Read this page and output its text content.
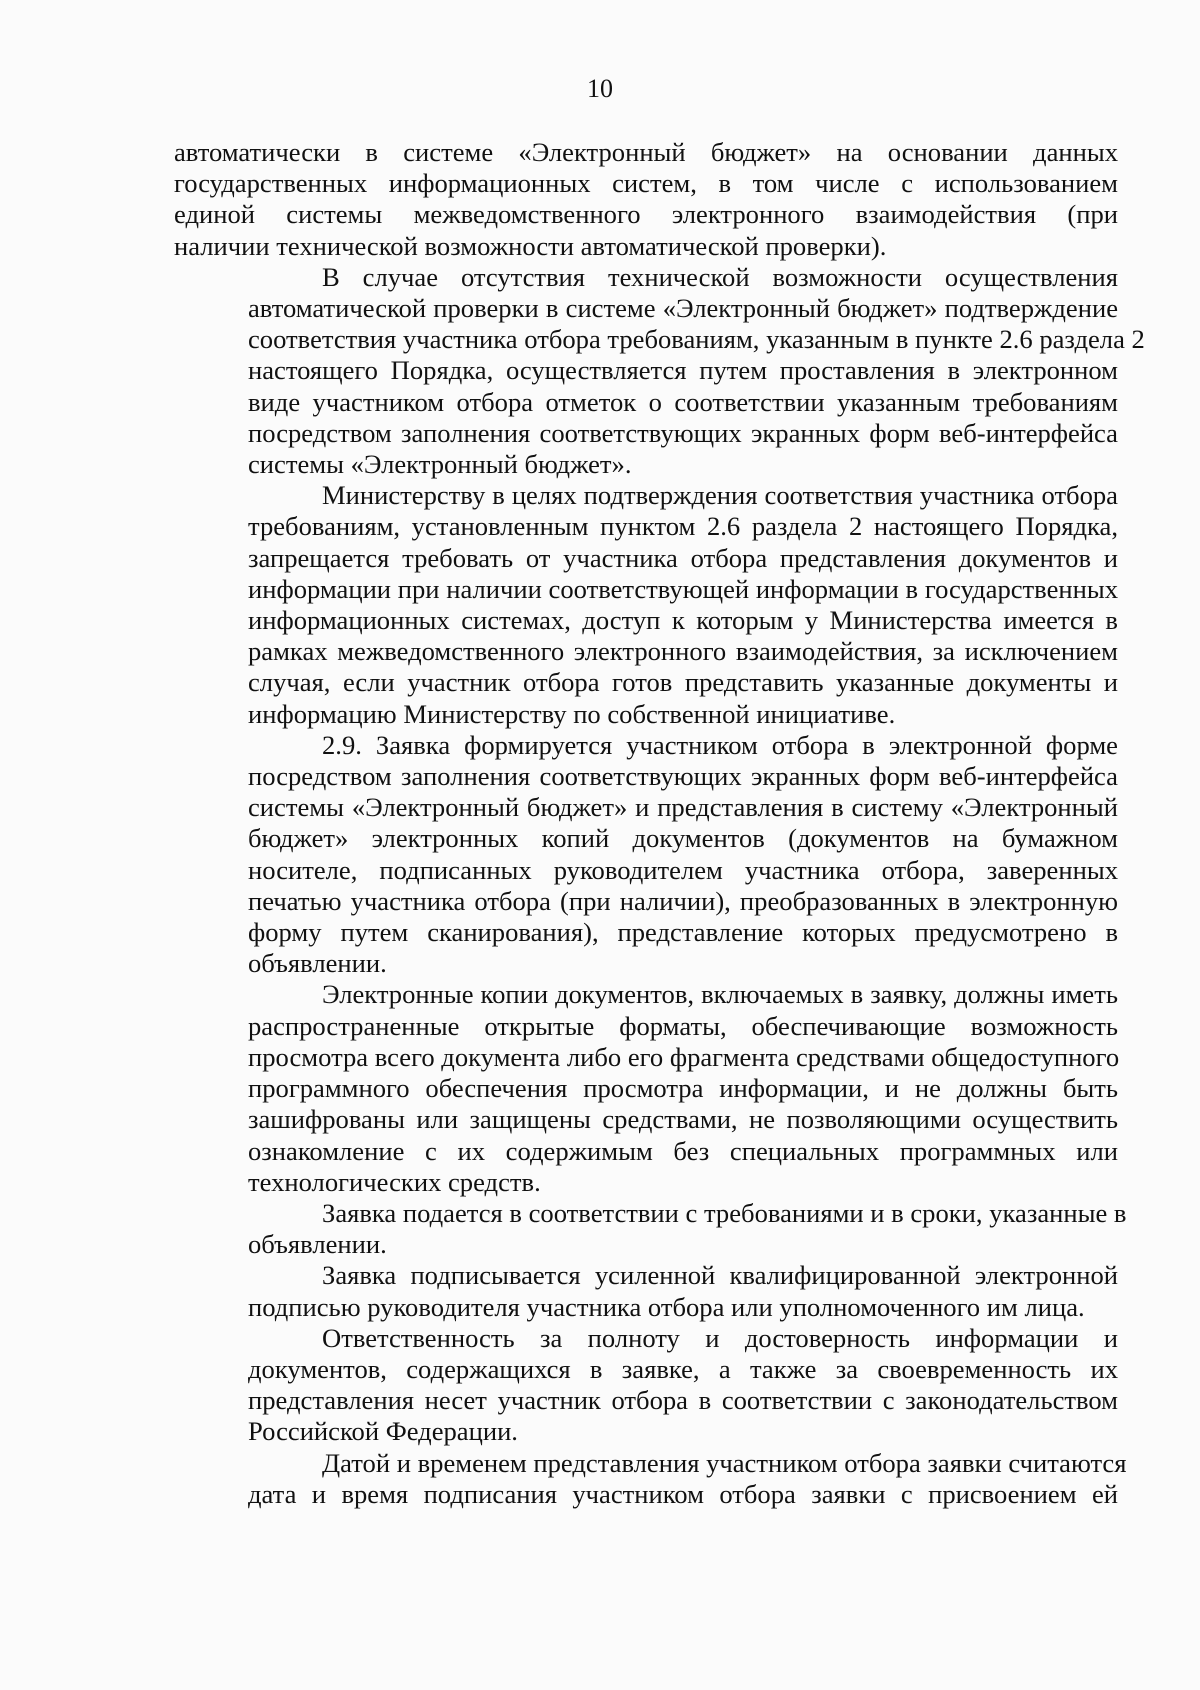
10
автоматически в системе «Электронный бюджет» на основании данных
государственных информационных систем, в том числе с использованием
единой системы межведомственного электронного взаимодействия (при
наличии технической возможности автоматической проверки).
В случае отсутствия технической возможности осуществления
автоматической проверки в системе «Электронный бюджет» подтверждение
соответствия участника отбора требованиям, указанным в пункте 2.6 раздела 2
настоящего Порядка, осуществляется путем проставления в электронном
виде участником отбора отметок о соответствии указанным требованиям
посредством заполнения соответствующих экранных форм веб-интерфейса
системы «Электронный бюджет».
Министерству в целях подтверждения соответствия участника отбора
требованиям, установленным пунктом 2.6 раздела 2 настоящего Порядка,
запрещается требовать от участника отбора представления документов и
информации при наличии соответствующей информации в государственных
информационных системах, доступ к которым у Министерства имеется в
рамках межведомственного электронного взаимодействия, за исключением
случая, если участник отбора готов представить указанные документы и
информацию Министерству по собственной инициативе.
2.9. Заявка формируется участником отбора в электронной форме
посредством заполнения соответствующих экранных форм веб-интерфейса
системы «Электронный бюджет» и представления в систему «Электронный
бюджет» электронных копий документов (документов на бумажном
носителе, подписанных руководителем участника отбора, заверенных
печатью участника отбора (при наличии), преобразованных в электронную
форму путем сканирования), представление которых предусмотрено в
объявлении.
Электронные копии документов, включаемых в заявку, должны иметь
распространенные открытые форматы, обеспечивающие возможность
просмотра всего документа либо его фрагмента средствами общедоступного
программного обеспечения просмотра информации, и не должны быть
зашифрованы или защищены средствами, не позволяющими осуществить
ознакомление с их содержимым без специальных программных или
технологических средств.
Заявка подается в соответствии с требованиями и в сроки, указанные в
объявлении.
Заявка подписывается усиленной квалифицированной электронной
подписью руководителя участника отбора или уполномоченного им лица.
Ответственность за полноту и достоверность информации и
документов, содержащихся в заявке, а также за своевременность их
представления несет участник отбора в соответствии с законодательством
Российской Федерации.
Датой и временем представления участником отбора заявки считаются
дата и время подписания участником отбора заявки с присвоением ей
